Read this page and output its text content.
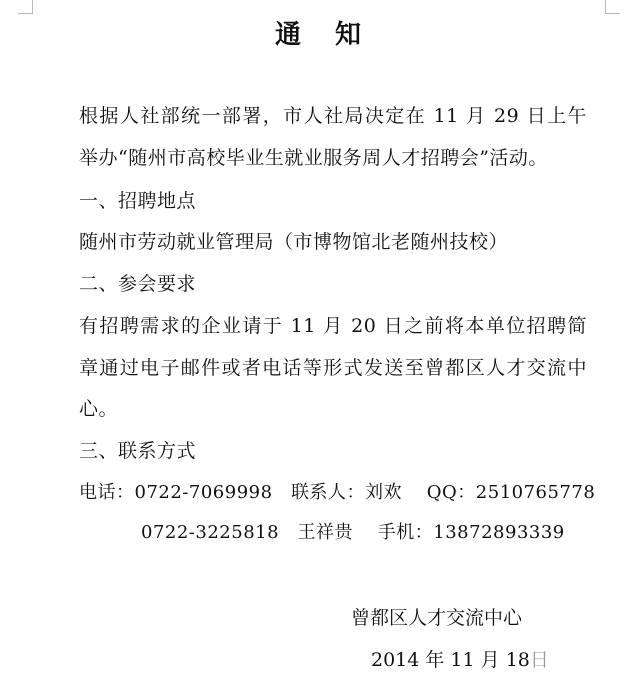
通 知
根据人社部统一部署，市人社局决定在 11 月 29 日上午
举办“随州市高校毕业生就业服务周人才招聘会”活动。
一、招聘地点
随州市劳动就业管理局（市博物馆北老随州技校）
二、参会要求
有招聘需求的企业请于 11 月 20 日之前将本单位招聘简
章通过电子邮件或者电话等形式发送至曾都区人才交流中
心。
三、联系方式
电话：0722-7069998　联系人：刘欢　 QQ：2510765778
0722-3225818　王祥贵　 手机：13872893339
曾都区人才交流中心
2014 年 11 月 18日
